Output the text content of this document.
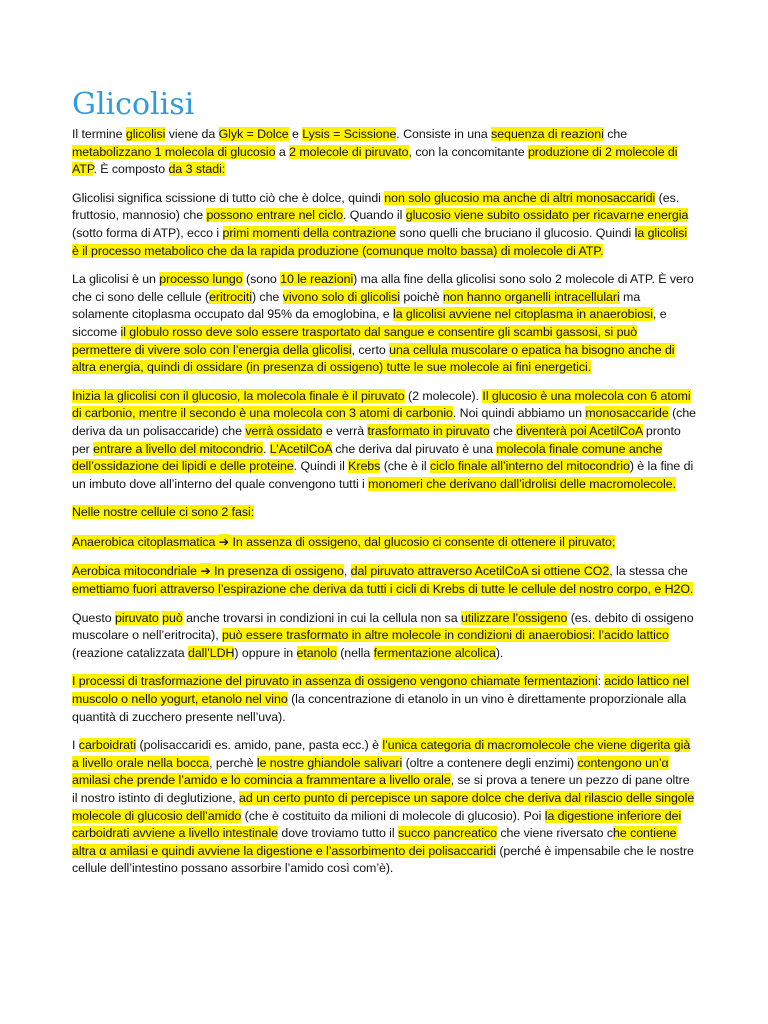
Glicolisi

Il termine glicolisi viene da Glyk = Dolce e Lysis = Scissione. Consiste in una sequenza di reazioni che metabolizzano 1 molecola di glucosio a 2 molecole di piruvato, con la concomitante produzione di 2 molecole di ATP. È composto da 3 stadi:

Glicolisi significa scissione di tutto ciò che è dolce, quindi non solo glucosio ma anche di altri monosaccaridi (es. fruttosio, mannosio) che possono entrare nel ciclo. Quando il glucosio viene subito ossidato per ricavarne energia (sotto forma di ATP), ecco i primi momenti della contrazione sono quelli che bruciano il glucosio. Quindi la glicolisi è il processo metabolico che da la rapida produzione (comunque molto bassa) di molecole di ATP.

La glicolisi è un processo lungo (sono 10 le reazioni) ma alla fine della glicolisi sono solo 2 molecole di ATP. È vero che ci sono delle cellule (eritrociti) che vivono solo di glicolisi poichè non hanno organelli intracellulari ma solamente citoplasma occupato dal 95% da emoglobina, e la glicolisi avviene nel citoplasma in anaerobiosi, e siccome il globulo rosso deve solo essere trasportato dal sangue e consentire gli scambi gassosi, si può permettere di vivere solo con l’energia della glicolisi, certo una cellula muscolare o epatica ha bisogno anche di altra energia, quindi di ossidare (in presenza di ossigeno) tutte le sue molecole ai fini energetici.

Inizia la glicolisi con il glucosio, la molecola finale è il piruvato (2 molecole). Il glucosio è una molecola con 6 atomi di carbonio, mentre il secondo è una molecola con 3 atomi di carbonio. Noi quindi abbiamo un monosaccaride (che deriva da un polisaccaride) che verrà ossidato e verrà trasformato in piruvato che diventerà poi AcetilCoA pronto per entrare a livello del mitocondrio. L’AcetilCoA che deriva dal piruvato è una molecola finale comune anche dell’ossidazione dei lipidi e delle proteine. Quindi il Krebs (che è il ciclo finale all’interno del mitocondrio) è la fine di un imbuto dove all’interno del quale convengono tutti i monomeri che derivano dall’idrolisi delle macromolecole.

Nelle nostre cellule ci sono 2 fasi:

Anaerobica citoplasmatica ➔ In assenza di ossigeno, dal glucosio ci consente di ottenere il piruvato;

Aerobica mitocondriale ➔ In presenza di ossigeno, dal piruvato attraverso AcetilCoA si ottiene CO2, la stessa che emettiamo fuori attraverso l’espirazione che deriva da tutti i cicli di Krebs di tutte le cellule del nostro corpo, e H2O.

Questo piruvato può anche trovarsi in condizioni in cui la cellula non sa utilizzare l’ossigeno (es. debito di ossigeno muscolare o nell’eritrocita), può essere trasformato in altre molecole in condizioni di anaerobiosi: l’acido lattico (reazione catalizzata dall’LDH) oppure in etanolo (nella fermentazione alcolica).

I processi di trasformazione del piruvato in assenza di ossigeno vengono chiamate fermentazioni: acido lattico nel muscolo o nello yogurt, etanolo nel vino (la concentrazione di etanolo in un vino è direttamente proporzionale alla quantità di zucchero presente nell’uva).

I carboidrati (polisaccaridi es. amido, pane, pasta ecc.) è l’unica categoria di macromolecole che viene digerita già a livello orale nella bocca, perchè le nostre ghiandole salivari (oltre a contenere degli enzimi) contengono un’α amilasi che prende l’amido e lo comincia a frammentare a livello orale, se si prova a tenere un pezzo di pane oltre il nostro istinto di deglutizione, ad un certo punto di percepisce un sapore dolce che deriva dal rilascio delle singole molecole di glucosio dell’amido (che è costituito da milioni di molecole di glucosio). Poi la digestione inferiore dei carboidrati avviene a livello intestinale dove troviamo tutto il succo pancreatico che viene riversato che contiene altra α amilasi e quindi avviene la digestione e l’assorbimento dei polisaccaridi (perché è impensabile che le nostre cellule dell’intestino possano assorbire l’amido così com’è).
